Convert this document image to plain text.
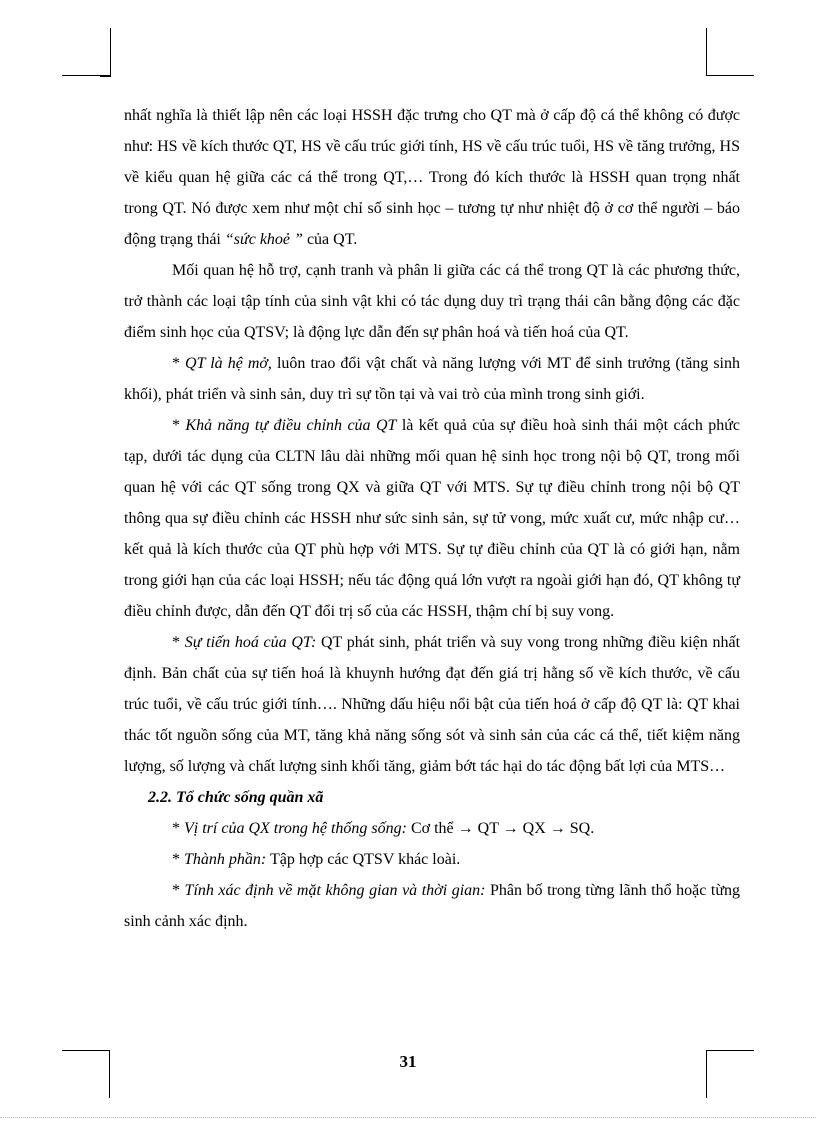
nhất nghĩa là thiết lập nên các loại HSSH đặc trưng cho QT mà ở cấp độ cá thể không có được như: HS về kích thước QT, HS về cấu trúc giới tính, HS về cấu trúc tuổi, HS về tăng trưởng, HS về kiểu quan hệ giữa các cá thể trong QT,… Trong đó kích thước là HSSH quan trọng nhất trong QT. Nó được xem như một chỉ số sinh học – tương tự như nhiệt độ ở cơ thể người – báo động trạng thái “sức khoẻ ” của QT.

Mối quan hệ hỗ trợ, cạnh tranh và phân li giữa các cá thể trong QT là các phương thức, trở thành các loại tập tính của sinh vật khi có tác dụng duy trì trạng thái cân bằng động các đặc điểm sinh học của QTSV; là động lực dẫn đến sự phân hoá và tiến hoá của QT.

* QT là hệ mở, luôn trao đổi vật chất và năng lượng với MT để sinh trưởng (tăng sinh khối), phát triển và sinh sản, duy trì sự tồn tại và vai trò của mình trong sinh giới.

* Khả năng tự điều chỉnh của QT là kết quả của sự điều hoà sinh thái một cách phức tạp, dưới tác dụng của CLTN lâu dài những mối quan hệ sinh học trong nội bộ QT, trong mối quan hệ với các QT sống trong QX và giữa QT với MTS. Sự tự điều chỉnh trong nội bộ QT thông qua sự điều chỉnh các HSSH như sức sinh sản, sự tử vong, mức xuất cư, mức nhập cư…kết quả là kích thước của QT phù hợp với MTS. Sự tự điều chỉnh của QT là có giới hạn, nằm trong giới hạn của các loại HSSH; nếu tác động quá lớn vượt ra ngoài giới hạn đó, QT không tự điều chỉnh được, dẫn đến QT đổi trị số của các HSSH, thậm chí bị suy vong.

* Sự tiến hoá của QT: QT phát sinh, phát triển và suy vong trong những điều kiện nhất định. Bản chất của sự tiến hoá là khuynh hướng đạt đến giá trị hằng số về kích thước, về cấu trúc tuổi, về cấu trúc giới tính…. Những dấu hiệu nổi bật của tiến hoá ở cấp độ QT là: QT khai thác tốt nguồn sống của MT, tăng khả năng sống sót và sinh sản của các cá thể, tiết kiệm năng lượng, số lượng và chất lượng sinh khối tăng, giảm bớt tác hại do tác động bất lợi của MTS…

2.2. Tổ chức sống quần xã

* Vị trí của QX trong hệ thống sống: Cơ thể → QT → QX → SQ.

* Thành phần: Tập hợp các QTSV khác loài.

* Tính xác định về mặt không gian và thời gian: Phân bố trong từng lãnh thổ hoặc từng sinh cảnh xác định.

31
